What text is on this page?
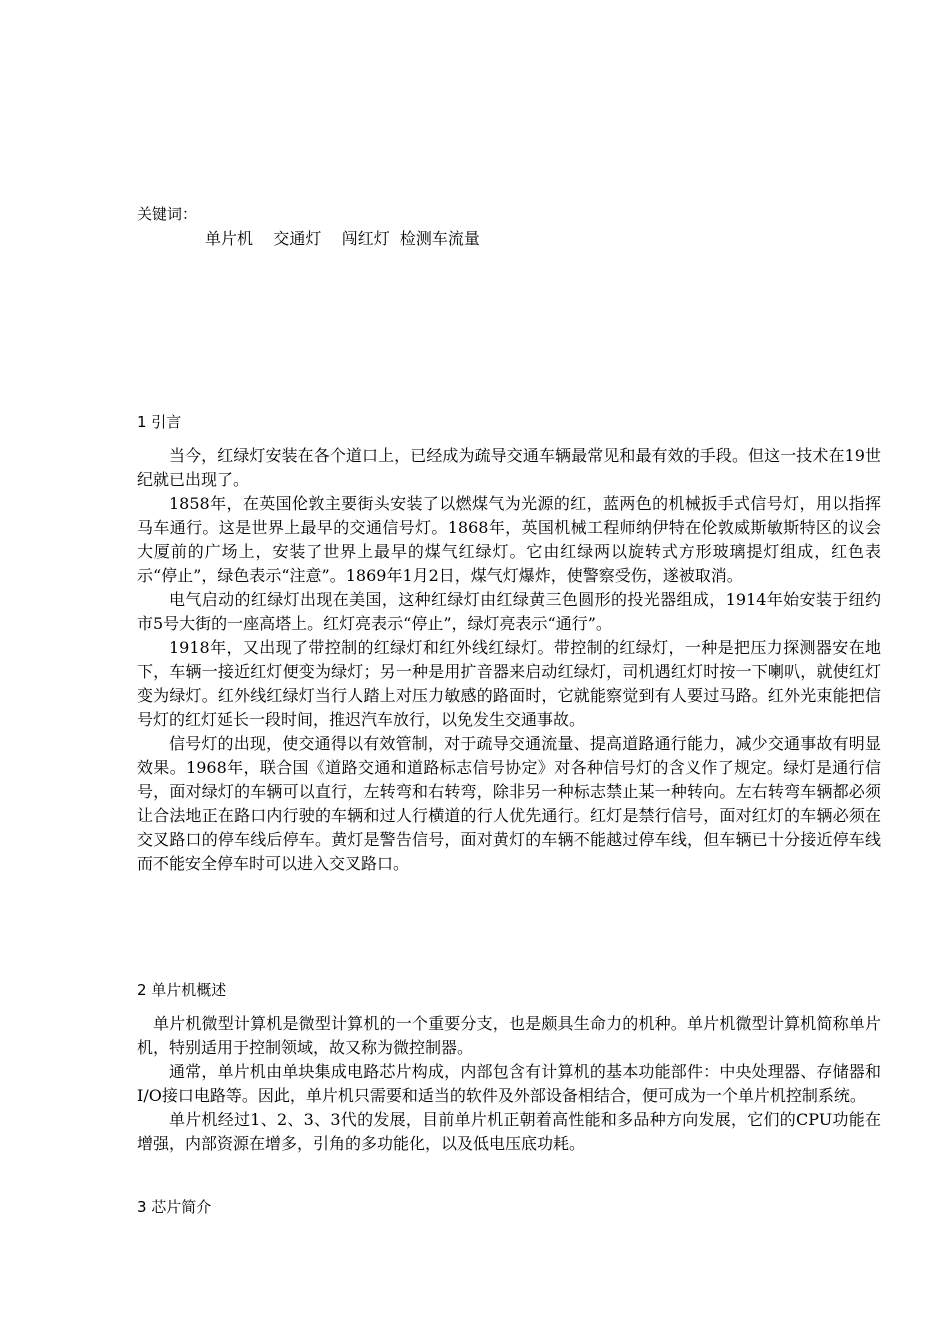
关键词：
单片机    交通灯    闯红灯  检测车流量
1 引言

当今，红绿灯安装在各个道口上，已经成为疏导交通车辆最常见和最有效的手段。但这一技术在19世纪就已出现了。

1858年，在英国伦敦主要街头安装了以燃煤气为光源的红，蓝两色的机械扳手式信号灯，用以指挥马车通行。这是世界上最早的交通信号灯。1868年，英国机械工程师纳伊特在伦敦威斯敏斯特区的议会大厦前的广场上，安装了世界上最早的煤气红绿灯。它由红绿两以旋转式方形玻璃提灯组成，红色表示“停止”，绿色表示“注意”。1869年1月2日，煤气灯爆炸，使警察受伤，遂被取消。

电气启动的红绿灯出现在美国，这种红绿灯由红绿黄三色圆形的投光器组成，1914年始安装于纽约市5号大街的一座高塔上。红灯亮表示“停止”，绿灯亮表示“通行”。

1918年，又出现了带控制的红绿灯和红外线红绿灯。带控制的红绿灯，一种是把压力探测器安在地下，车辆一接近红灯便变为绿灯；另一种是用扩音器来启动红绿灯，司机遇红灯时按一下喇叭，就使红灯变为绿灯。红外线红绿灯当行人踏上对压力敏感的路面时，它就能察觉到有人要过马路。红外光束能把信号灯的红灯延长一段时间，推迟汽车放行，以免发生交通事故。

信号灯的出现，使交通得以有效管制，对于疏导交通流量、提高道路通行能力，减少交通事故有明显效果。1968年，联合国《道路交通和道路标志信号协定》对各种信号灯的含义作了规定。绿灯是通行信号，面对绿灯的车辆可以直行，左转弯和右转弯，除非另一种标志禁止某一种转向。左右转弯车辆都必须让合法地正在路口内行驶的车辆和过人行横道的行人优先通行。红灯是禁行信号，面对红灯的车辆必须在交叉路口的停车线后停车。黄灯是警告信号，面对黄灯的车辆不能越过停车线，但车辆已十分接近停车线而不能安全停车时可以进入交叉路口。

2 单片机概述

单片机微型计算机是微型计算机的一个重要分支，也是颇具生命力的机种。单片机微型计算机简称单片机，特别适用于控制领域，故又称为微控制器。

通常，单片机由单块集成电路芯片构成，内部包含有计算机的基本功能部件：中央处理器、存储器和I/O接口电路等。因此，单片机只需要和适当的软件及外部设备相结合，便可成为一个单片机控制系统。

单片机经过1、2、3、3代的发展，目前单片机正朝着高性能和多品种方向发展，它们的CPU功能在增强，内部资源在增多，引角的多功能化，以及低电压底功耗。

3 芯片简介
